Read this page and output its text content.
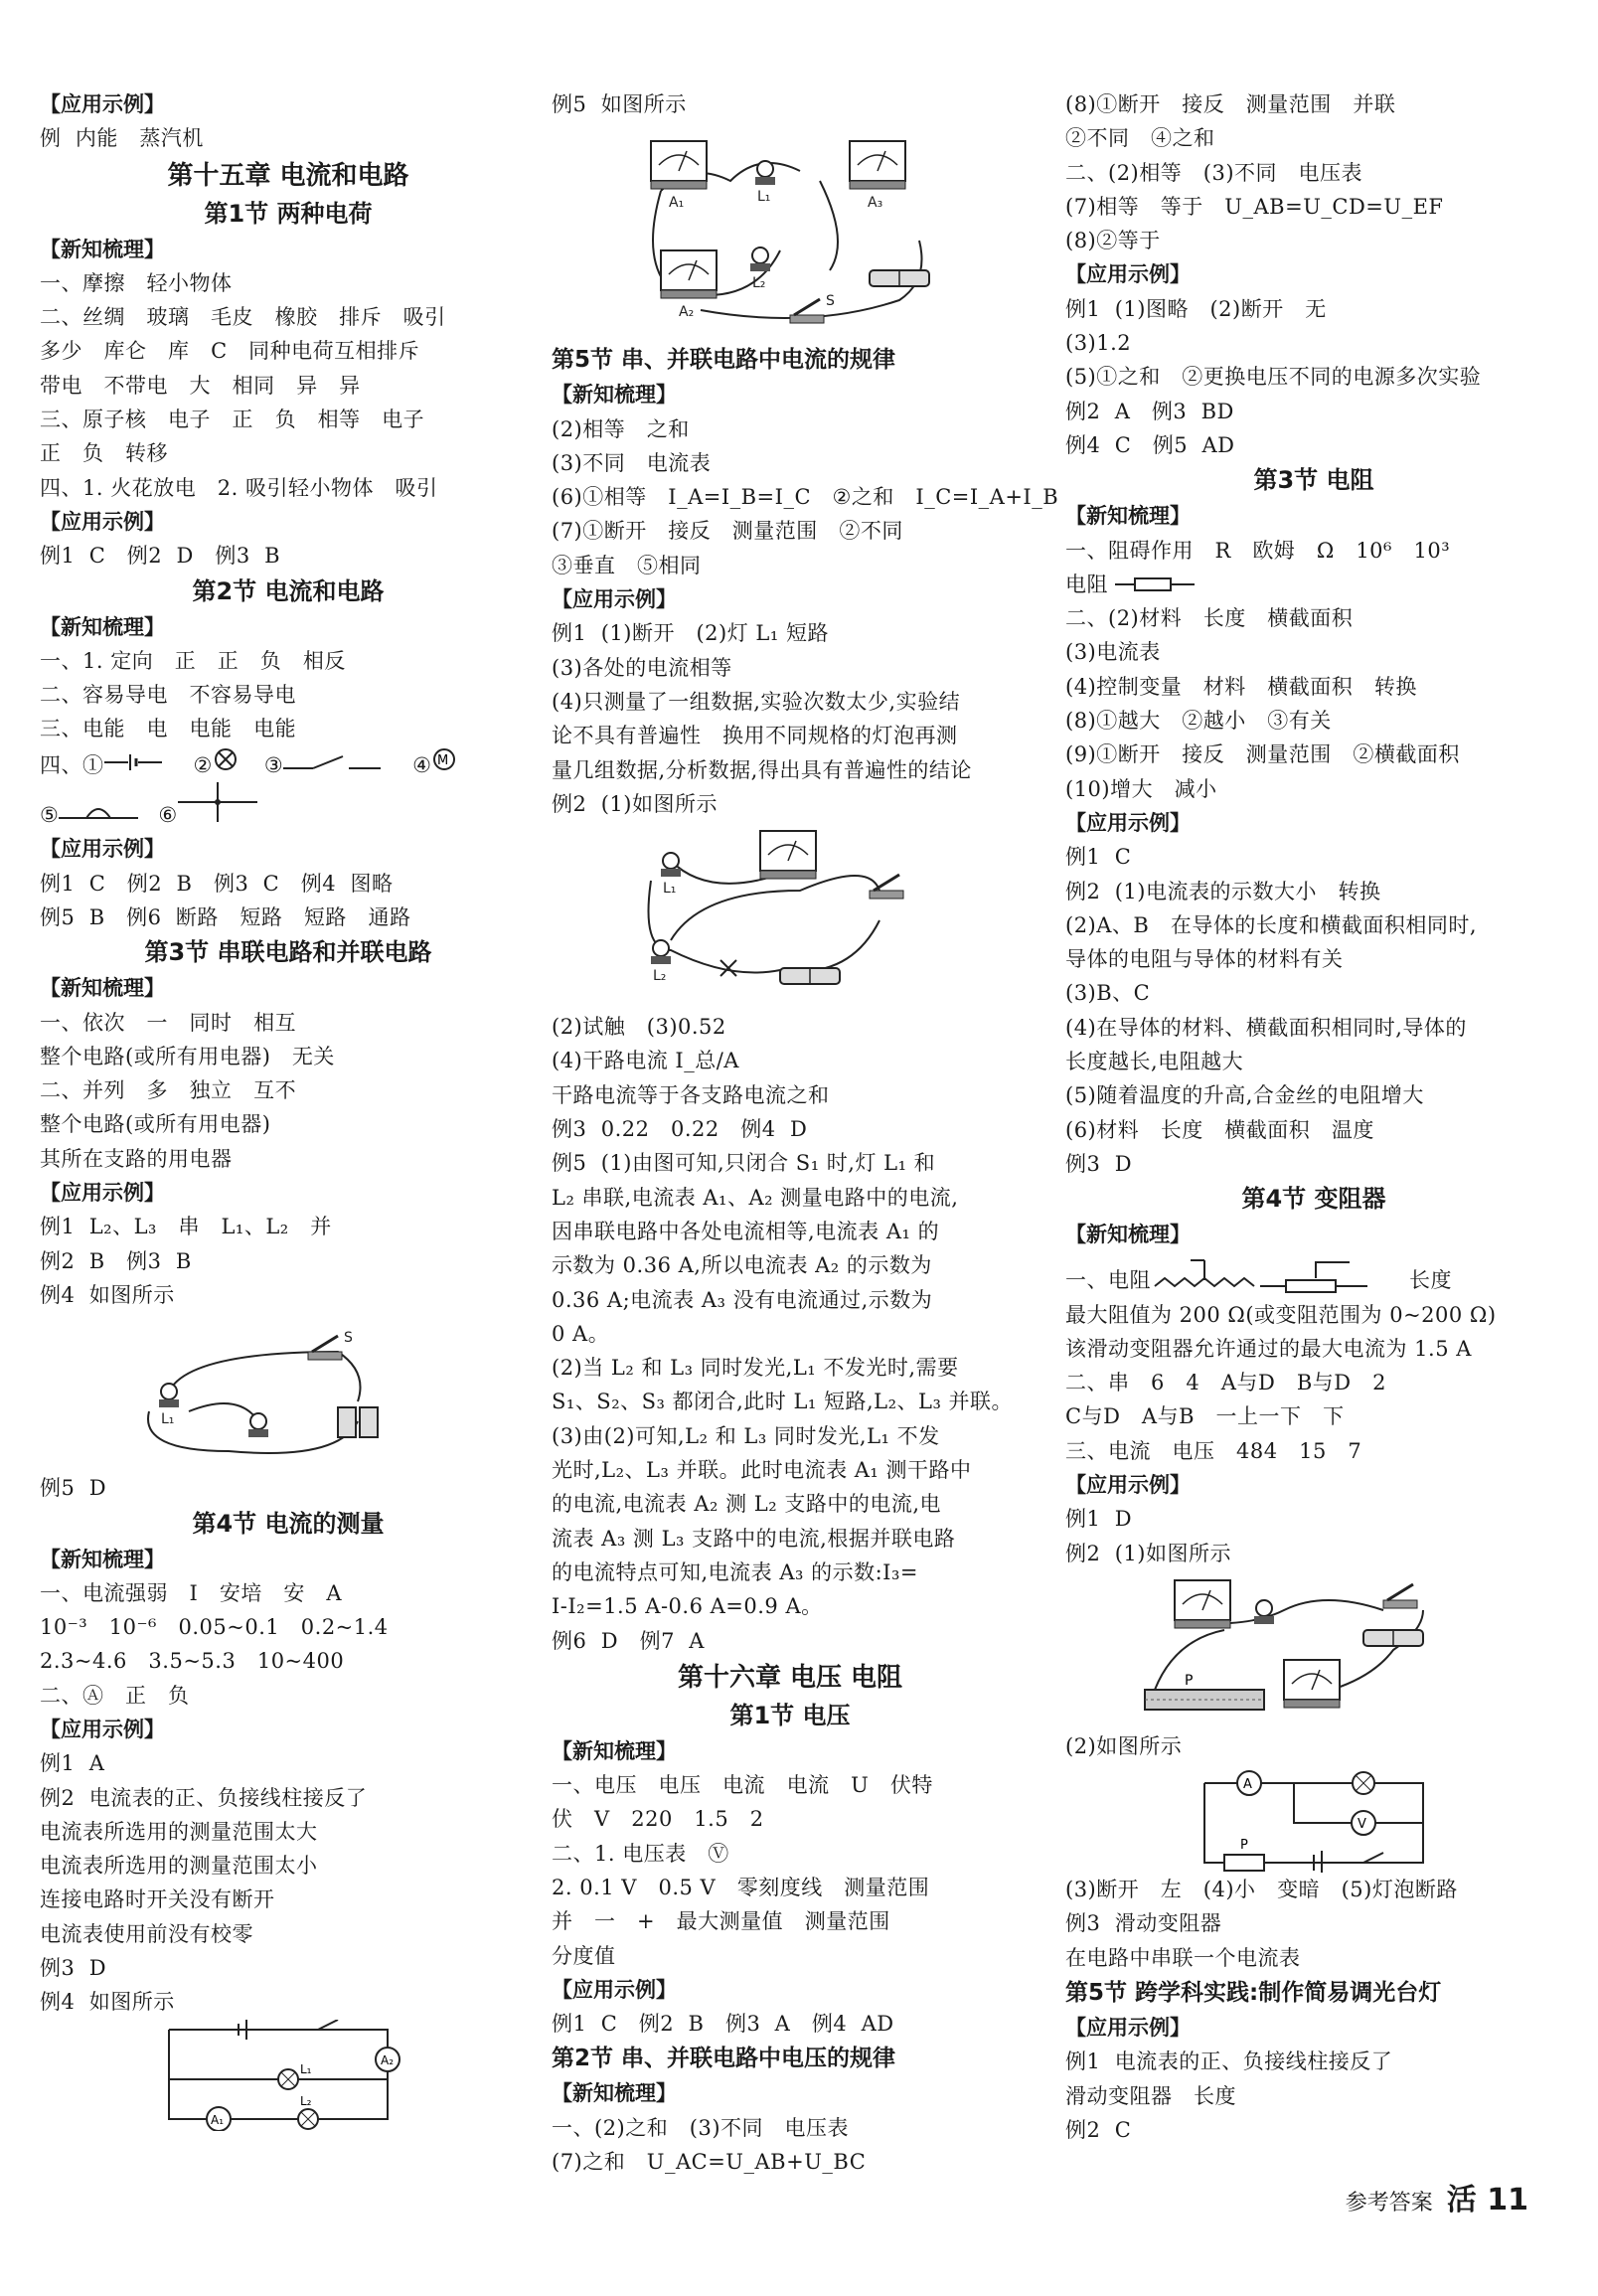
【应用示例】
例  内能   蒸汽机
第十五章 电流和电路
第1节 两种电荷
【新知梳理】
一、摩擦   轻小物体
二、丝绸   玻璃   毛皮   橡胶   排斥   吸引
多少   库仑   库   C   同种电荷互相排斥
带电   不带电   大   相同   异   异
三、原子核   电子   正   负   相等   电子
正   负   转移
四、1. 火花放电   2. 吸引轻小物体   吸引
【应用示例】
例1  C   例2  D   例3  B
第2节 电流和电路
【新知梳理】
一、1. 定向   正   正   负   相反
二、容易导电   不容易导电
三、电能   电   电能   电能
四、①	② ③	④ M
⑤	⑥
【应用示例】
例1  C   例2  B   例3  C   例4  图略
例5  B   例6  断路   短路   短路   通路
第3节 串联电路和并联电路
【新知梳理】
一、依次   一   同时   相互
整个电路(或所有用电器)   无关
二、并列   多   独立   互不
整个电路(或所有用电器)
其所在支路的用电器
【应用示例】
例1  L₂、L₃   串   L₁、L₂   并
例2  B   例3  B
例4  如图所示
L₁
S
例5  D
第4节 电流的测量
【新知梳理】
一、电流强弱   I   安培   安   A
10⁻³   10⁻⁶   0.05~0.1   0.2~1.4
2.3~4.6   3.5~5.3   10~400
二、Ⓐ   正   负
【应用示例】
例1  A
例2  电流表的正、负接线柱接反了
电流表所选用的测量范围太大
电流表所选用的测量范围太小
连接电路时开关没有断开
电流表使用前没有校零
例3  D
例4  如图所示
A₂
L₁
A₁
L₂
例5  如图所示
A₁	A₃
A₂
L₁
L₂
S
第5节 串、并联电路中电流的规律
【新知梳理】
(2)相等   之和
(3)不同   电流表
(6)①相等   I_A=I_B=I_C   ②之和   I_C=I_A+I_B
(7)①断开   接反   测量范围   ②不同
③垂直   ⑤相同
【应用示例】
例1  (1)断开   (2)灯 L₁ 短路
(3)各处的电流相等
(4)只测量了一组数据,实验次数太少,实验结
论不具有普遍性   换用不同规格的灯泡再测
量几组数据,分析数据,得出具有普遍性的结论
例2  (1)如图所示
L₁
L₂
(2)试触   (3)0.52
(4)干路电流 I_总/A
干路电流等于各支路电流之和
例3  0.22   0.22   例4  D
例5  (1)由图可知,只闭合 S₁ 时,灯 L₁ 和
L₂ 串联,电流表 A₁、A₂ 测量电路中的电流,
因串联电路中各处电流相等,电流表 A₁ 的
示数为 0.36 A,所以电流表 A₂ 的示数为
0.36 A;电流表 A₃ 没有电流通过,示数为
0 A。
(2)当 L₂ 和 L₃ 同时发光,L₁ 不发光时,需要
S₁、S₂、S₃ 都闭合,此时 L₁ 短路,L₂、L₃ 并联。
(3)由(2)可知,L₂ 和 L₃ 同时发光,L₁ 不发
光时,L₂、L₃ 并联。此时电流表 A₁ 测干路中
的电流,电流表 A₂ 测 L₂ 支路中的电流,电
流表 A₃ 测 L₃ 支路中的电流,根据并联电路
的电流特点可知,电流表 A₃ 的示数:I₃=
I-I₂=1.5 A-0.6 A=0.9 A。
例6  D   例7  A
第十六章 电压 电阻
第1节 电压
【新知梳理】
一、电压   电压   电流   电流   U   伏特
伏   V   220   1.5   2
二、1. 电压表   Ⓥ
2. 0.1 V   0.5 V   零刻度线   测量范围
并   一   +   最大测量值   测量范围
分度值
【应用示例】
例1  C   例2  B   例3  A   例4  AD
第2节 串、并联电路中电压的规律
【新知梳理】
一、(2)之和   (3)不同   电压表
(7)之和   U_AC=U_AB+U_BC
(8)①断开   接反   测量范围   并联
②不同   ④之和
二、(2)相等   (3)不同   电压表
(7)相等   等于   U_AB=U_CD=U_EF
(8)②等于
【应用示例】
例1  (1)图略   (2)断开   无
(3)1.2
(5)①之和   ②更换电压不同的电源多次实验
例2  A   例3  BD
例4  C   例5  AD
第3节 电阻
【新知梳理】
一、阻碍作用   R   欧姆   Ω   10⁶   10³
电阻
二、(2)材料   长度   横截面积
(3)电流表
(4)控制变量   材料   横截面积   转换
(8)①越大   ②越小   ③有关
(9)①断开   接反   测量范围   ②横截面积
(10)增大   减小
【应用示例】
例1  C
例2  (1)电流表的示数大小   转换
(2)A、B   在导体的长度和横截面积相同时,
导体的电阻与导体的材料有关
(3)B、C
(4)在导体的材料、横截面积相同时,导体的
长度越长,电阻越大
(5)随着温度的升高,合金丝的电阻增大
(6)材料   长度   横截面积   温度
例3  D
第4节 变阻器
【新知梳理】
一、电阻	长度
最大阻值为 200 Ω(或变阻范围为 0~200 Ω)
该滑动变阻器允许通过的最大电流为 1.5 A
二、串   6   4   A与D   B与D   2
C与D   A与B   一上一下   下
三、电流   电压   484   15   7
【应用示例】
例1  D
例2  (1)如图所示
P
(2)如图所示
A
V
P
(3)断开   左   (4)小   变暗   (5)灯泡断路
例3  滑动变阻器
在电路中串联一个电流表
第5节 跨学科实践:制作简易调光台灯
【应用示例】
例1  电流表的正、负接线柱接反了
滑动变阻器   长度
例2  C
参考答案 活 11
